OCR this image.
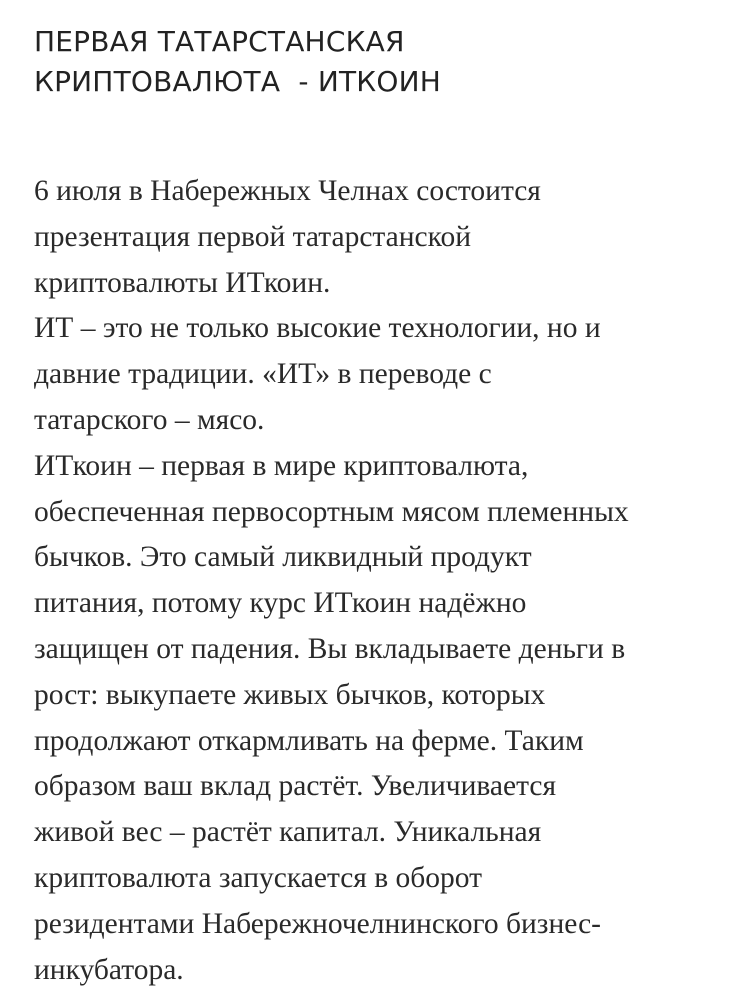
ПЕРВАЯ ТАТАРСТАНСКАЯ
КРИПТОВАЛЮТА  - ИТКОИН
6 июля в Набережных Челнах состоится
презентация первой татарстанской
криптовалюты ИТкоин.
ИТ – это не только высокие технологии, но и
давние традиции. «ИТ» в переводе с
татарского – мясо.
ИТкоин – первая в мире криптовалюта,
обеспеченная первосортным мясом племенных
бычков. Это самый ликвидный продукт
питания, потому курс ИТкоин надёжно
защищен от падения. Вы вкладываете деньги в
рост: выкупаете живых бычков, которых
продолжают откармливать на ферме. Таким
образом ваш вклад растёт. Увеличивается
живой вес – растёт капитал. Уникальная
криптовалюта запускается в оборот
резидентами Набережночелнинского бизнес-
инкубатора.
